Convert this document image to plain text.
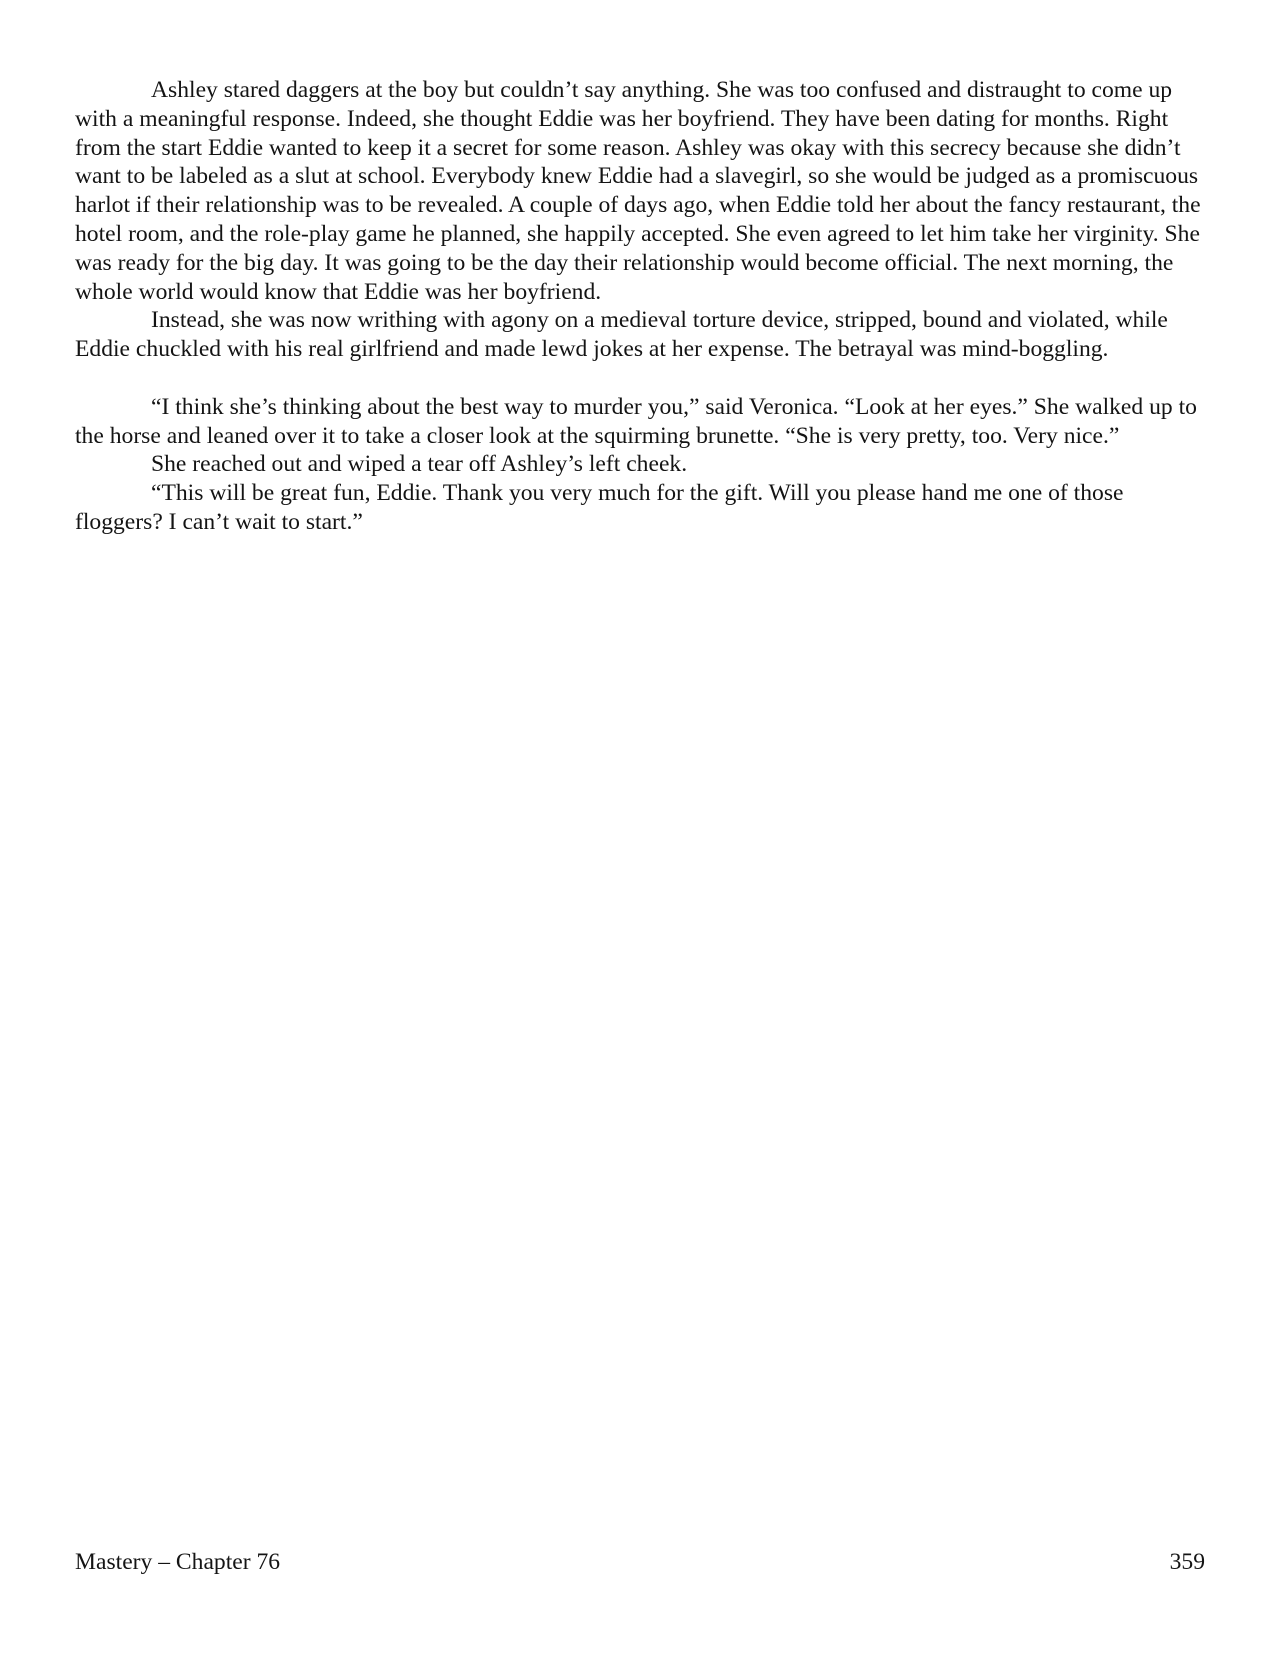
Ashley stared daggers at the boy but couldn’t say anything. She was too confused and distraught to come up with a meaningful response. Indeed, she thought Eddie was her boyfriend. They have been dating for months. Right from the start Eddie wanted to keep it a secret for some reason. Ashley was okay with this secrecy because she didn’t want to be labeled as a slut at school. Everybody knew Eddie had a slavegirl, so she would be judged as a promiscuous harlot if their relationship was to be revealed. A couple of days ago, when Eddie told her about the fancy restaurant, the hotel room, and the role-play game he planned, she happily accepted. She even agreed to let him take her virginity. She was ready for the big day. It was going to be the day their relationship would become official. The next morning, the whole world would know that Eddie was her boyfriend.

Instead, she was now writhing with agony on a medieval torture device, stripped, bound and violated, while Eddie chuckled with his real girlfriend and made lewd jokes at her expense. The betrayal was mind-boggling.

“I think she’s thinking about the best way to murder you,” said Veronica. “Look at her eyes.” She walked up to the horse and leaned over it to take a closer look at the squirming brunette. “She is very pretty, too. Very nice.”

She reached out and wiped a tear off Ashley’s left cheek.

“This will be great fun, Eddie. Thank you very much for the gift. Will you please hand me one of those floggers? I can’t wait to start.”

Mastery – Chapter 76	359
